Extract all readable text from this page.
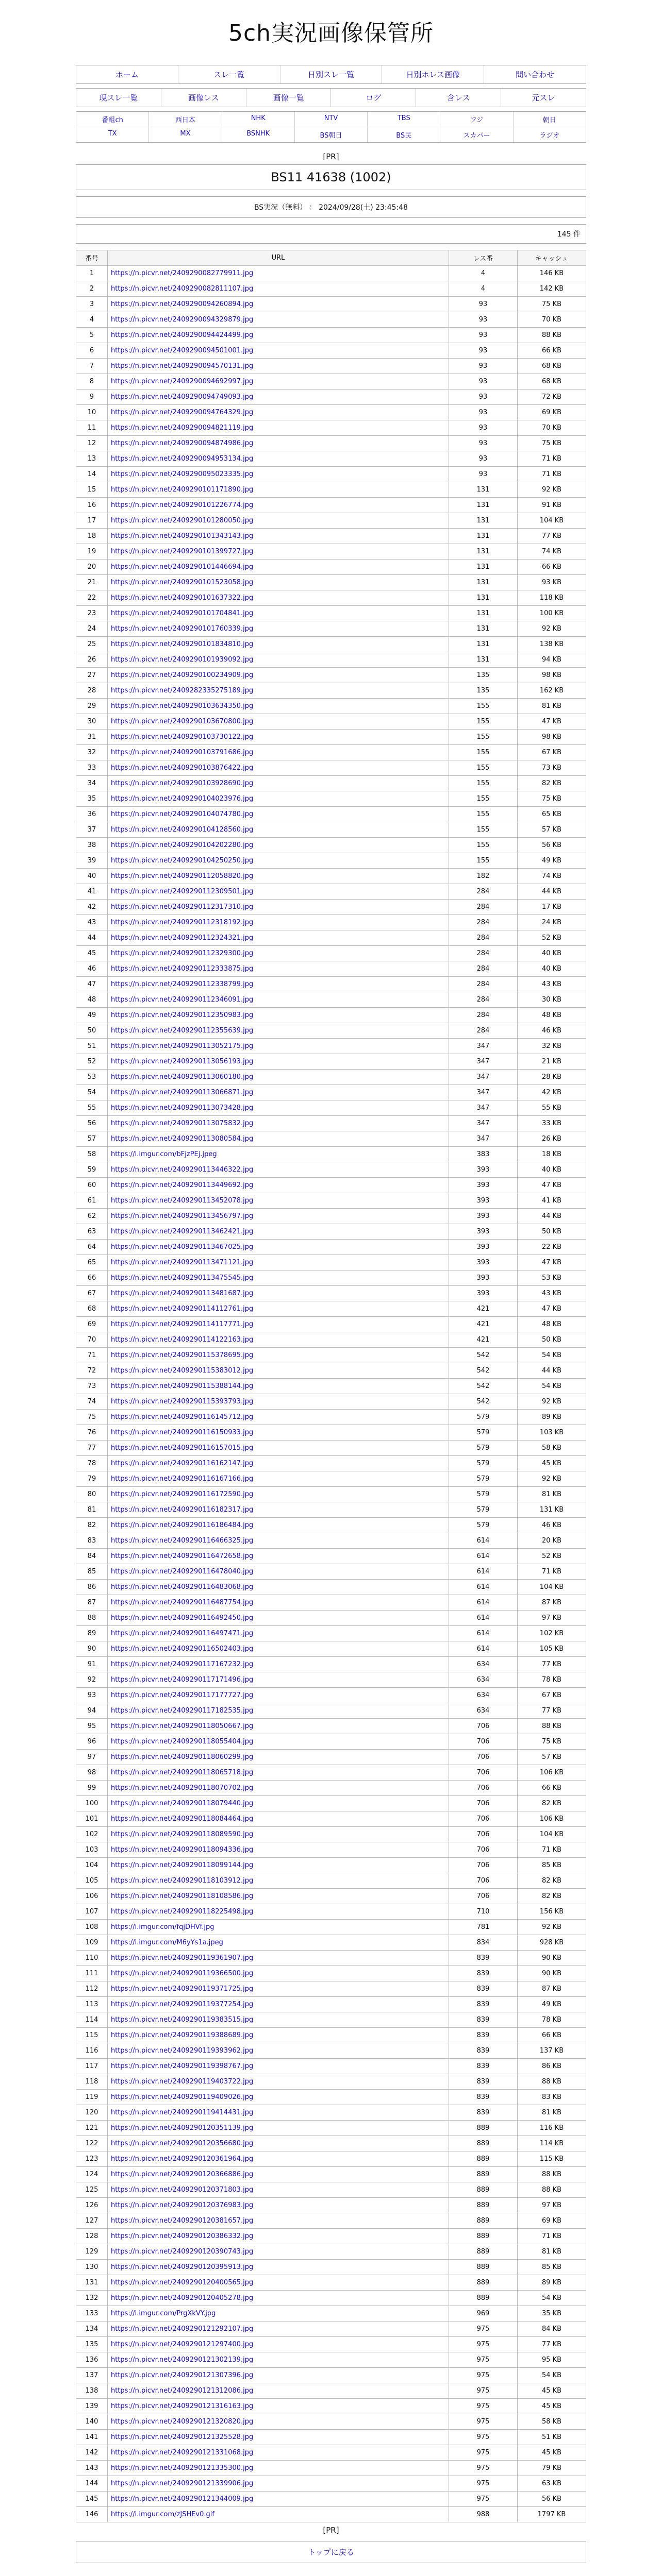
5ch実況画像保管所
ホーム	スレ一覧	日別スレ一覧	日別ホレス画像	問い合わせ
現スレ一覧	画像レス	画像一覧	ログ	含レス	元スレ
番組ch	西日本	NHK	NTV	TBS	フジ	朝日
TX	MX	BSNHK	BS朝日	BS民	スカパー	ラジオ
[PR]
BS11 41638 (1002)
BS実況（無料） ： 2024/09/28(土) 23:45:48
145 件
番号	URL	レス番	キャッシュ
1	https://n.picvr.net/2409290082779911.jpg	4	146 KB
2	https://n.picvr.net/2409290082811107.jpg	4	142 KB
3	https://n.picvr.net/2409290094260894.jpg	93	75 KB
4	https://n.picvr.net/2409290094329879.jpg	93	70 KB
5	https://n.picvr.net/2409290094424499.jpg	93	88 KB
6	https://n.picvr.net/2409290094501001.jpg	93	66 KB
7	https://n.picvr.net/2409290094570131.jpg	93	68 KB
8	https://n.picvr.net/2409290094692997.jpg	93	68 KB
9	https://n.picvr.net/2409290094749093.jpg	93	72 KB
10	https://n.picvr.net/2409290094764329.jpg	93	69 KB
11	https://n.picvr.net/2409290094821119.jpg	93	70 KB
12	https://n.picvr.net/2409290094874986.jpg	93	75 KB
13	https://n.picvr.net/2409290094953134.jpg	93	71 KB
14	https://n.picvr.net/2409290095023335.jpg	93	71 KB
15	https://n.picvr.net/2409290101171890.jpg	131	92 KB
16	https://n.picvr.net/2409290101226774.jpg	131	91 KB
17	https://n.picvr.net/2409290101280050.jpg	131	104 KB
18	https://n.picvr.net/2409290101343143.jpg	131	77 KB
19	https://n.picvr.net/2409290101399727.jpg	131	74 KB
20	https://n.picvr.net/2409290101446694.jpg	131	66 KB
21	https://n.picvr.net/2409290101523058.jpg	131	93 KB
22	https://n.picvr.net/2409290101637322.jpg	131	118 KB
23	https://n.picvr.net/2409290101704841.jpg	131	100 KB
24	https://n.picvr.net/2409290101760339.jpg	131	92 KB
25	https://n.picvr.net/2409290101834810.jpg	131	138 KB
26	https://n.picvr.net/2409290101939092.jpg	131	94 KB
27	https://n.picvr.net/2409290100234909.jpg	135	98 KB
28	https://n.picvr.net/2409282335275189.jpg	135	162 KB
29	https://n.picvr.net/2409290103634350.jpg	155	81 KB
30	https://n.picvr.net/2409290103670800.jpg	155	47 KB
31	https://n.picvr.net/2409290103730122.jpg	155	98 KB
32	https://n.picvr.net/2409290103791686.jpg	155	67 KB
33	https://n.picvr.net/2409290103876422.jpg	155	73 KB
34	https://n.picvr.net/2409290103928690.jpg	155	82 KB
35	https://n.picvr.net/2409290104023976.jpg	155	75 KB
36	https://n.picvr.net/2409290104074780.jpg	155	65 KB
37	https://n.picvr.net/2409290104128560.jpg	155	57 KB
38	https://n.picvr.net/2409290104202280.jpg	155	56 KB
39	https://n.picvr.net/2409290104250250.jpg	155	49 KB
40	https://n.picvr.net/2409290112058820.jpg	182	74 KB
41	https://n.picvr.net/2409290112309501.jpg	284	44 KB
42	https://n.picvr.net/2409290112317310.jpg	284	17 KB
43	https://n.picvr.net/2409290112318192.jpg	284	24 KB
44	https://n.picvr.net/2409290112324321.jpg	284	52 KB
45	https://n.picvr.net/2409290112329300.jpg	284	40 KB
46	https://n.picvr.net/2409290112333875.jpg	284	40 KB
47	https://n.picvr.net/2409290112338799.jpg	284	43 KB
48	https://n.picvr.net/2409290112346091.jpg	284	30 KB
49	https://n.picvr.net/2409290112350983.jpg	284	48 KB
50	https://n.picvr.net/2409290112355639.jpg	284	46 KB
51	https://n.picvr.net/2409290113052175.jpg	347	32 KB
52	https://n.picvr.net/2409290113056193.jpg	347	21 KB
53	https://n.picvr.net/2409290113060180.jpg	347	28 KB
54	https://n.picvr.net/2409290113066871.jpg	347	42 KB
55	https://n.picvr.net/2409290113073428.jpg	347	55 KB
56	https://n.picvr.net/2409290113075832.jpg	347	33 KB
57	https://n.picvr.net/2409290113080584.jpg	347	26 KB
58	https://i.imgur.com/bFjzPEj.jpeg	383	18 KB
59	https://n.picvr.net/2409290113446322.jpg	393	40 KB
60	https://n.picvr.net/2409290113449692.jpg	393	47 KB
61	https://n.picvr.net/2409290113452078.jpg	393	41 KB
62	https://n.picvr.net/2409290113456797.jpg	393	44 KB
63	https://n.picvr.net/2409290113462421.jpg	393	50 KB
64	https://n.picvr.net/2409290113467025.jpg	393	22 KB
65	https://n.picvr.net/2409290113471121.jpg	393	47 KB
66	https://n.picvr.net/2409290113475545.jpg	393	53 KB
67	https://n.picvr.net/2409290113481687.jpg	393	43 KB
68	https://n.picvr.net/2409290114112761.jpg	421	47 KB
69	https://n.picvr.net/2409290114117771.jpg	421	48 KB
70	https://n.picvr.net/2409290114122163.jpg	421	50 KB
71	https://n.picvr.net/2409290115378695.jpg	542	54 KB
72	https://n.picvr.net/2409290115383012.jpg	542	44 KB
73	https://n.picvr.net/2409290115388144.jpg	542	54 KB
74	https://n.picvr.net/2409290115393793.jpg	542	92 KB
75	https://n.picvr.net/2409290116145712.jpg	579	89 KB
76	https://n.picvr.net/2409290116150933.jpg	579	103 KB
77	https://n.picvr.net/2409290116157015.jpg	579	58 KB
78	https://n.picvr.net/2409290116162147.jpg	579	45 KB
79	https://n.picvr.net/2409290116167166.jpg	579	92 KB
80	https://n.picvr.net/2409290116172590.jpg	579	81 KB
81	https://n.picvr.net/2409290116182317.jpg	579	131 KB
82	https://n.picvr.net/2409290116186484.jpg	579	46 KB
83	https://n.picvr.net/2409290116466325.jpg	614	20 KB
84	https://n.picvr.net/2409290116472658.jpg	614	52 KB
85	https://n.picvr.net/2409290116478040.jpg	614	71 KB
86	https://n.picvr.net/2409290116483068.jpg	614	104 KB
87	https://n.picvr.net/2409290116487754.jpg	614	87 KB
88	https://n.picvr.net/2409290116492450.jpg	614	97 KB
89	https://n.picvr.net/2409290116497471.jpg	614	102 KB
90	https://n.picvr.net/2409290116502403.jpg	614	105 KB
91	https://n.picvr.net/2409290117167232.jpg	634	77 KB
92	https://n.picvr.net/2409290117171496.jpg	634	78 KB
93	https://n.picvr.net/2409290117177727.jpg	634	67 KB
94	https://n.picvr.net/2409290117182535.jpg	634	77 KB
95	https://n.picvr.net/2409290118050667.jpg	706	88 KB
96	https://n.picvr.net/2409290118055404.jpg	706	75 KB
97	https://n.picvr.net/2409290118060299.jpg	706	57 KB
98	https://n.picvr.net/2409290118065718.jpg	706	106 KB
99	https://n.picvr.net/2409290118070702.jpg	706	66 KB
100	https://n.picvr.net/2409290118079440.jpg	706	82 KB
101	https://n.picvr.net/2409290118084464.jpg	706	106 KB
102	https://n.picvr.net/2409290118089590.jpg	706	104 KB
103	https://n.picvr.net/2409290118094336.jpg	706	71 KB
104	https://n.picvr.net/2409290118099144.jpg	706	85 KB
105	https://n.picvr.net/2409290118103912.jpg	706	82 KB
106	https://n.picvr.net/2409290118108586.jpg	706	82 KB
107	https://n.picvr.net/2409290118225498.jpg	710	156 KB
108	https://i.imgur.com/fqjDHVf.jpg	781	92 KB
109	https://i.imgur.com/M6yYs1a.jpeg	834	928 KB
110	https://n.picvr.net/2409290119361907.jpg	839	90 KB
111	https://n.picvr.net/2409290119366500.jpg	839	90 KB
112	https://n.picvr.net/2409290119371725.jpg	839	87 KB
113	https://n.picvr.net/2409290119377254.jpg	839	49 KB
114	https://n.picvr.net/2409290119383515.jpg	839	78 KB
115	https://n.picvr.net/2409290119388689.jpg	839	66 KB
116	https://n.picvr.net/2409290119393962.jpg	839	137 KB
117	https://n.picvr.net/2409290119398767.jpg	839	86 KB
118	https://n.picvr.net/2409290119403722.jpg	839	88 KB
119	https://n.picvr.net/2409290119409026.jpg	839	83 KB
120	https://n.picvr.net/2409290119414431.jpg	839	81 KB
121	https://n.picvr.net/2409290120351139.jpg	889	116 KB
122	https://n.picvr.net/2409290120356680.jpg	889	114 KB
123	https://n.picvr.net/2409290120361964.jpg	889	115 KB
124	https://n.picvr.net/2409290120366886.jpg	889	88 KB
125	https://n.picvr.net/2409290120371803.jpg	889	88 KB
126	https://n.picvr.net/2409290120376983.jpg	889	97 KB
127	https://n.picvr.net/2409290120381657.jpg	889	69 KB
128	https://n.picvr.net/2409290120386332.jpg	889	71 KB
129	https://n.picvr.net/2409290120390743.jpg	889	81 KB
130	https://n.picvr.net/2409290120395913.jpg	889	85 KB
131	https://n.picvr.net/2409290120400565.jpg	889	89 KB
132	https://n.picvr.net/2409290120405278.jpg	889	54 KB
133	https://i.imgur.com/PrgXkVY.jpg	969	35 KB
134	https://n.picvr.net/2409290121292107.jpg	975	84 KB
135	https://n.picvr.net/2409290121297400.jpg	975	77 KB
136	https://n.picvr.net/2409290121302139.jpg	975	95 KB
137	https://n.picvr.net/2409290121307396.jpg	975	54 KB
138	https://n.picvr.net/2409290121312086.jpg	975	45 KB
139	https://n.picvr.net/2409290121316163.jpg	975	45 KB
140	https://n.picvr.net/2409290121320820.jpg	975	58 KB
141	https://n.picvr.net/2409290121325528.jpg	975	51 KB
142	https://n.picvr.net/2409290121331068.jpg	975	45 KB
143	https://n.picvr.net/2409290121335300.jpg	975	79 KB
144	https://n.picvr.net/2409290121339906.jpg	975	63 KB
145	https://n.picvr.net/2409290121344009.jpg	975	56 KB
146	https://i.imgur.com/zJSHEv0.gif	988	1797 KB
[PR]
トップに戻る
